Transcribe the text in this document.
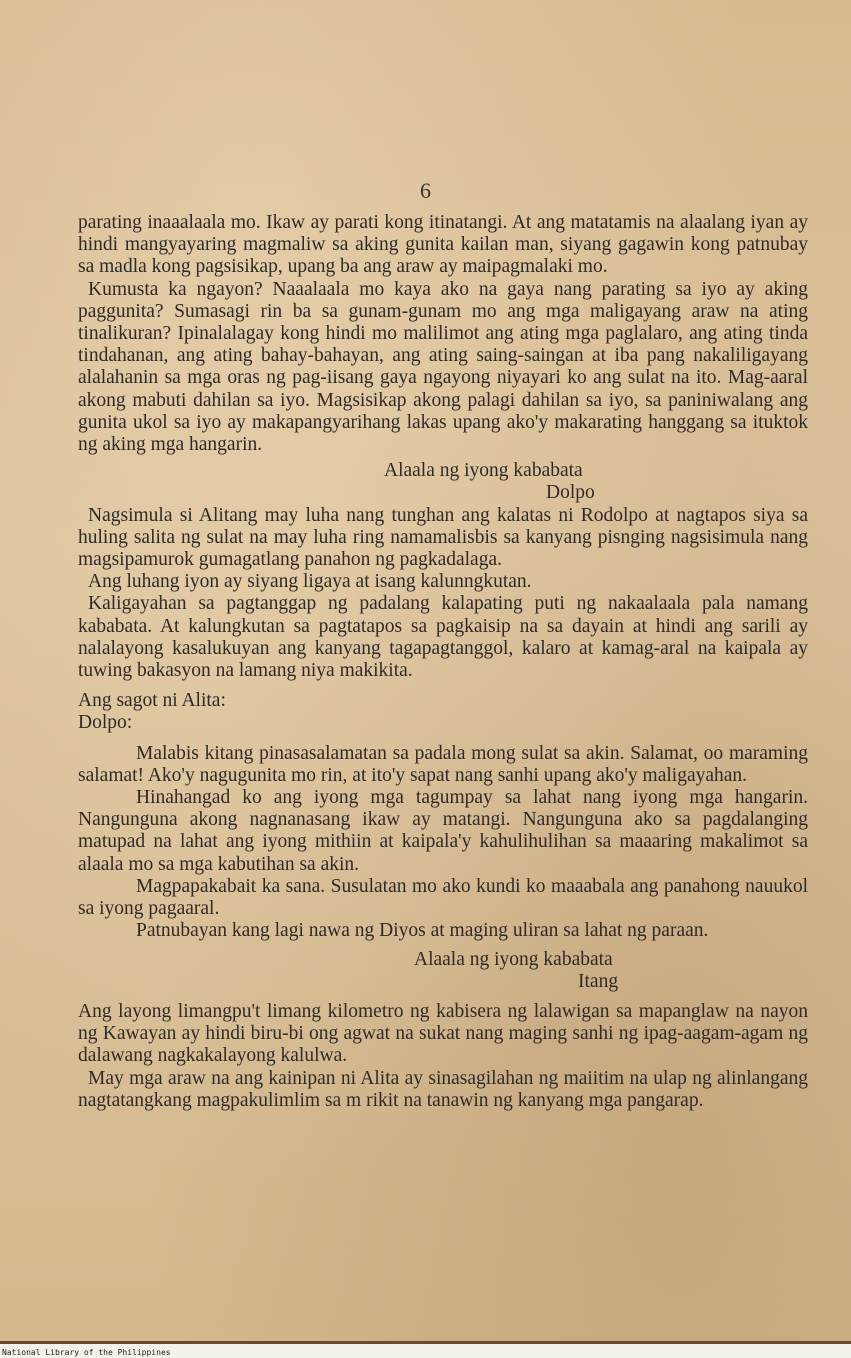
6

parating inaaalaala mo. Ikaw ay parati kong itinatangi. At ang matatamis na alaalang iyan ay hindi mangyayaring magmaliw sa aking gunita kailan man, siyang gagawin kong patnubay sa madla kong pagsisikap, upang ba ang araw ay maipagmalaki mo.

Kumusta ka ngayon? Naaalaala mo kaya ako na gaya nang parating sa iyo ay aking paggunita? Sumasagi rin ba sa gunam-gunam mo ang mga maligayang araw na ating tinalikuran? Ipinalalagay kong hindi mo malilimot ang ating mga paglalaro, ang ating tinda tindahanan, ang ating bahay-bahayan, ang ating saing-saingan at iba pang nakaliligayang alalahanin sa mga oras ng pag-iisang gaya ngayong niyayari ko ang sulat na ito. Mag-aaral akong mabuti dahilan sa iyo. Magsisikap akong palagi dahilan sa iyo, sa paniniwalang ang gunita ukol sa iyo ay makapangyarihang lakas upang ako'y makarating hanggang sa ituktok ng aking mga hangarin.

Alaala ng iyong kababata

Dolpo

Nagsimula si Alitang may luha nang tunghan ang kalatas ni Rodolpo at nagtapos siya sa huling salita ng sulat na may luha ring namamalisbis sa kanyang pisnging nagsisimula nang magsipamurok gumagatlang panahon ng pagkadalaga.

Ang luhang iyon ay siyang ligaya at isang kalunngkutan.

Kaligayahan sa pagtanggap ng padalang kalapating puti ng nakaalaala pala namang kababata. At kalungkutan sa pagtatapos sa pagkaisip na sa dayain at hindi ang sarili ay nalalayong kasalukuyan ang kanyang tagapagtanggol, kalaro at kamag-aral na kaipala ay tuwing bakasyon na lamang niya makikita.

Ang sagot ni Alita:

Dolpo:

Malabis kitang pinasasalamatan sa padala mong sulat sa akin. Salamat, oo maraming salamat! Ako'y nagugunita mo rin, at ito'y sapat nang sanhi upang ako'y maligayahan.

Hinahangad ko ang iyong mga tagumpay sa lahat nang iyong mga hangarin. Nangunguna akong nagnanasang ikaw ay matangi. Nangunguna ako sa pagdalanging matupad na lahat ang iyong mithiin at kaipala'y kahulihulihan sa maaaring makalimot sa alaala mo sa mga kabutihan sa akin.

Magpapakabait ka sana. Susulatan mo ako kundi ko maaabala ang panahong nauukol sa iyong pagaaral.

Patnubayan kang lagi nawa ng Diyos at maging uliran sa lahat ng paraan.

Alaala ng iyong kababata

Itang

Ang layong limangpu't limang kilometro ng kabisera ng lalawigan sa mapanglaw na nayon ng Kawayan ay hindi biru-bi ong agwat na sukat nang maging sanhi ng ipag-aagam-agam ng dalawang nagkakalayong kalulwa.

May mga araw na ang kainipan ni Alita ay sinasagilahan ng maiitim na ulap ng alinlangang nagtatangkang magpakulimlim sa m rikit na tanawin ng kanyang mga pangarap.

National Library of the Philippines
